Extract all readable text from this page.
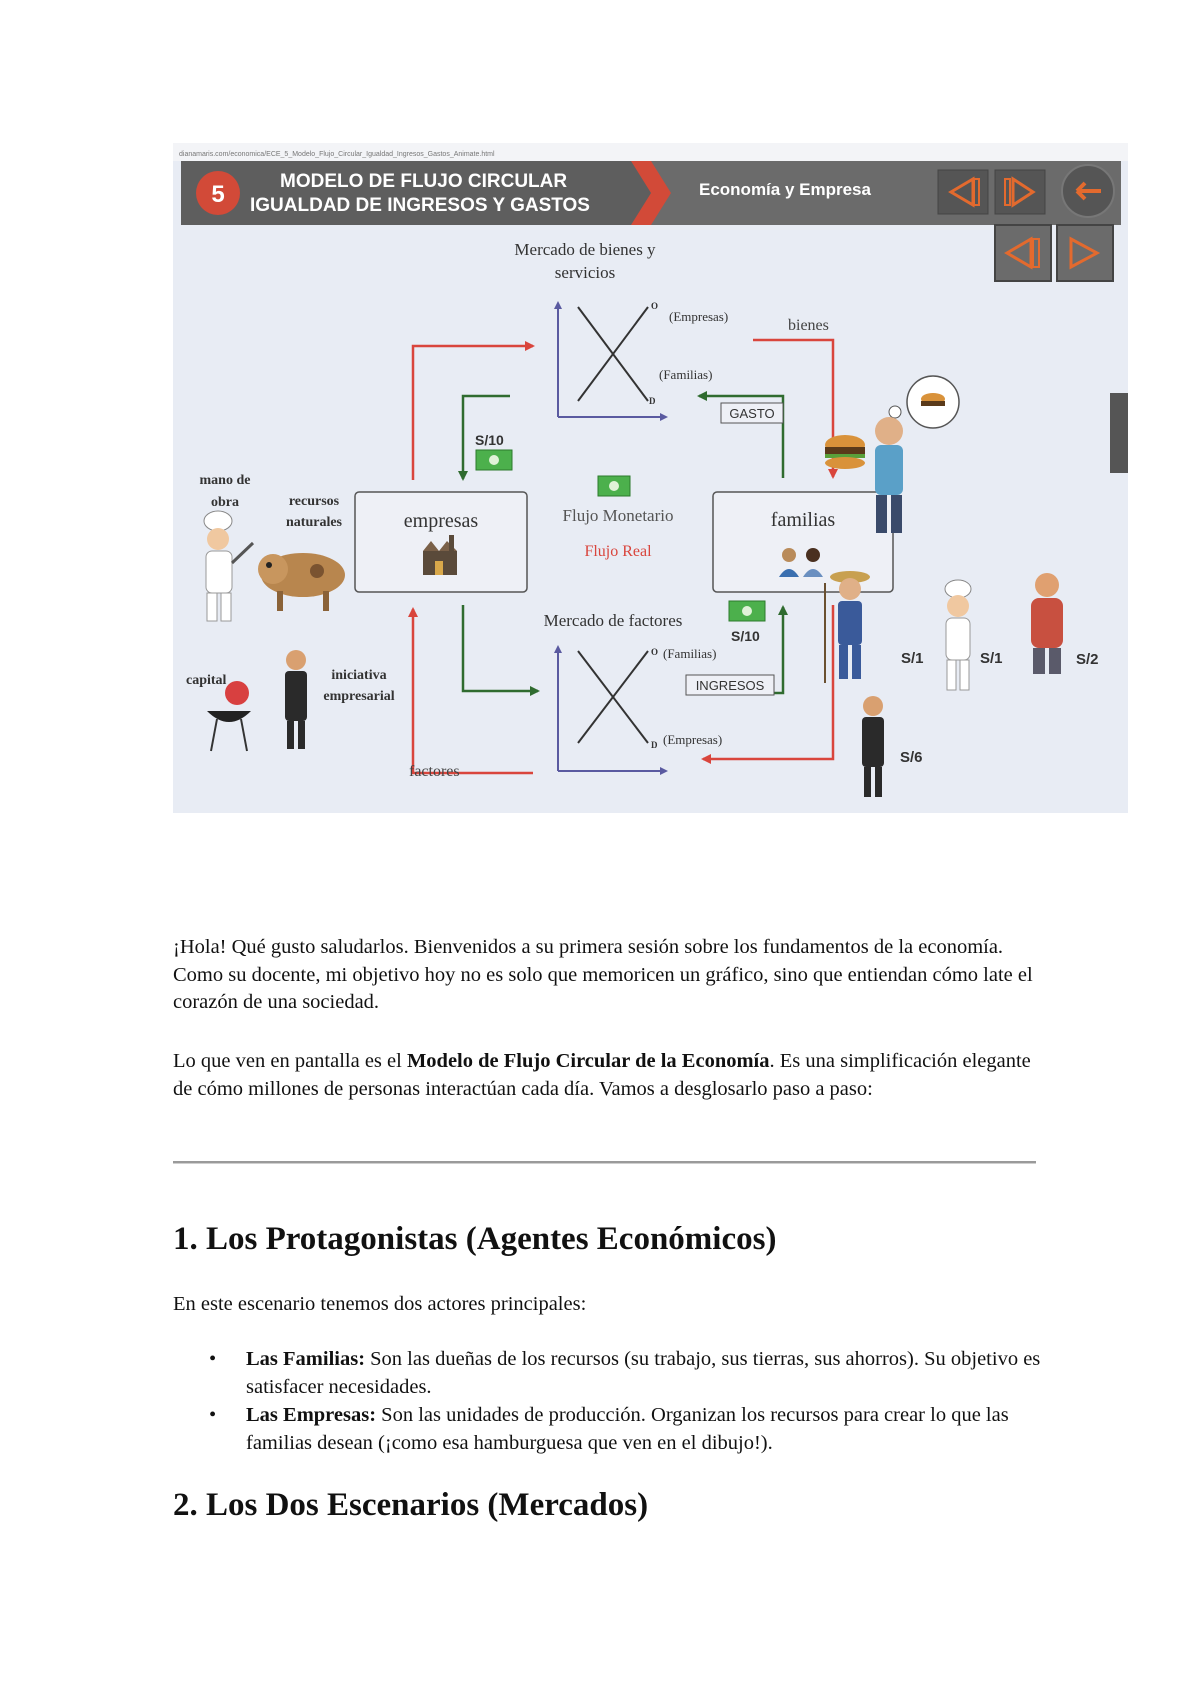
dianamaris.com/economica/ECE_5_Modelo_Flujo_Circular_Igualdad_Ingresos_Gastos_Animate.html
5	MODELO DE FLUJO CIRCULAR
IGUALDAD DE INGRESOS Y GASTOS
Economía y Empresa
Mercado de bienes y
servicios
O
D
(Empresas)
(Familias)
Mercado de factores
O
D
(Familias)
(Empresas)
empresas	familias
Flujo Monetario
Flujo Real
bienes
factores
GASTO
INGRESOS
S/10
S/10
mano de
obra	recursos
naturales
capital	iniciativa
empresarial
S/1	S/1	S/2
S/6

¡Hola! Qué gusto saludarlos. Bienvenidos a su primera sesión sobre los fundamentos de la economía. Como su docente, mi objetivo hoy no es solo que memoricen un gráfico, sino que entiendan cómo late el corazón de una sociedad.

Lo que ven en pantalla es el Modelo de Flujo Circular de la Economía. Es una simplificación elegante de cómo millones de personas interactúan cada día. Vamos a desglosarlo paso a paso:

1. Los Protagonistas (Agentes Económicos)

En este escenario tenemos dos actores principales:

• Las Familias: Son las dueñas de los recursos (su trabajo, sus tierras, sus ahorros). Su objetivo es satisfacer necesidades.
• Las Empresas: Son las unidades de producción. Organizan los recursos para crear lo que las familias desean (¡como esa hamburguesa que ven en el dibujo!).
2. Los Dos Escenarios (Mercados)
